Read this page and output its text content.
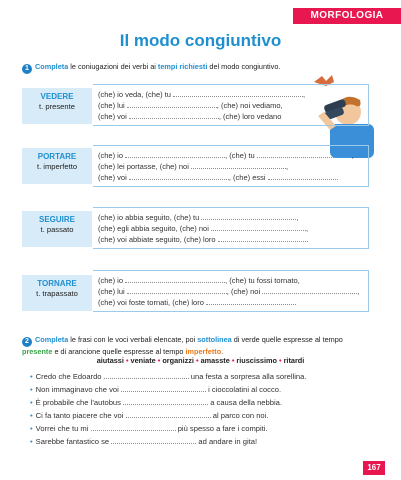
MORFOLOGIA
Il modo congiuntivo
1 Completa le coniugazioni dei verbi ai tempi richiesti del modo congiuntivo.
VEDERE
t. presente
(che) io veda, (che) tu	,
(che) lui	, (che) noi vediamo,
(che) voi	, (che) loro vedano
PORTARE
t. imperfetto
(che) io	, (che) tu	,
(che) lei portasse, (che) noi	,
(che) voi	, (che) essi
SEGUIRE
t. passato
(che) io abbia seguito, (che) tu	,
(che) egli abbia seguito, (che) noi	,
(che) voi abbiate seguito, (che) loro
TORNARE
t. trapassato
(che) io	, (che) tu fossi tornato,
(che) lui	, (che) noi	,
(che) voi foste tornati, (che) loro
2 Completa le frasi con le voci verbali elencate, poi sottolinea di verde quelle espresse al tempo presente e di arancione quelle espresse al tempo imperfetto.
aiutassi • veniate • organizzi • amasste • riuscissimo • ritardi
• Credo che Edoardo	una festa a sorpresa alla sorellina.
• Non immaginavo che voi	i cioccolatini al cocco.
• È probabile che l’autobus	a causa della nebbia.
• Ci fa tanto piacere che voi	al parco con noi.
• Vorrei che tu mi	più spesso a fare i compiti.
• Sarebbe fantastico se	ad andare in gita!
167
